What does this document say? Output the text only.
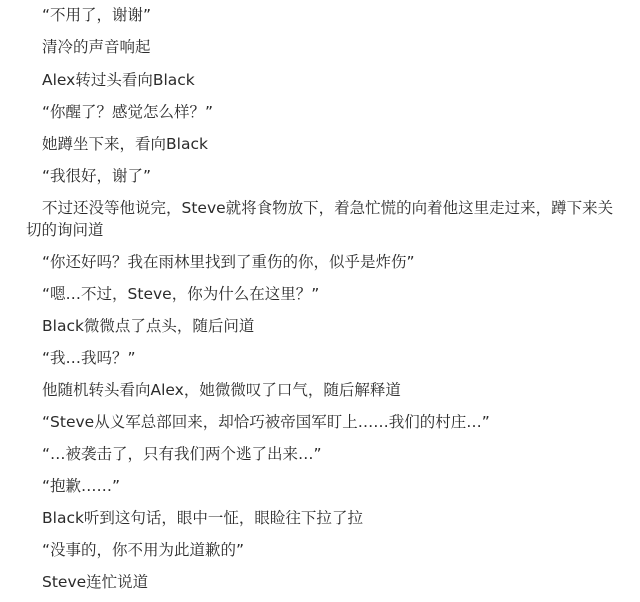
“不用了，谢谢”

清冷的声音响起

Alex转过头看向Black

“你醒了？感觉怎么样？”

她蹲坐下来，看向Black

“我很好，谢了”

不过还没等他说完，Steve就将食物放下，着急忙慌的向着他这里走过来，蹲下来关切的询问道

“你还好吗？我在雨林里找到了重伤的你，似乎是炸伤”

“嗯…不过，Steve，你为什么在这里？”

Black微微点了点头，随后问道

“我…我吗？”

他随机转头看向Alex，她微微叹了口气，随后解释道

“Steve从义军总部回来，却恰巧被帝国军盯上……我们的村庄…”

“…被袭击了，只有我们两个逃了出来…”

“抱歉……”

Black听到这句话，眼中一怔，眼睑往下拉了拉

“没事的，你不用为此道歉的”

Steve连忙说道
